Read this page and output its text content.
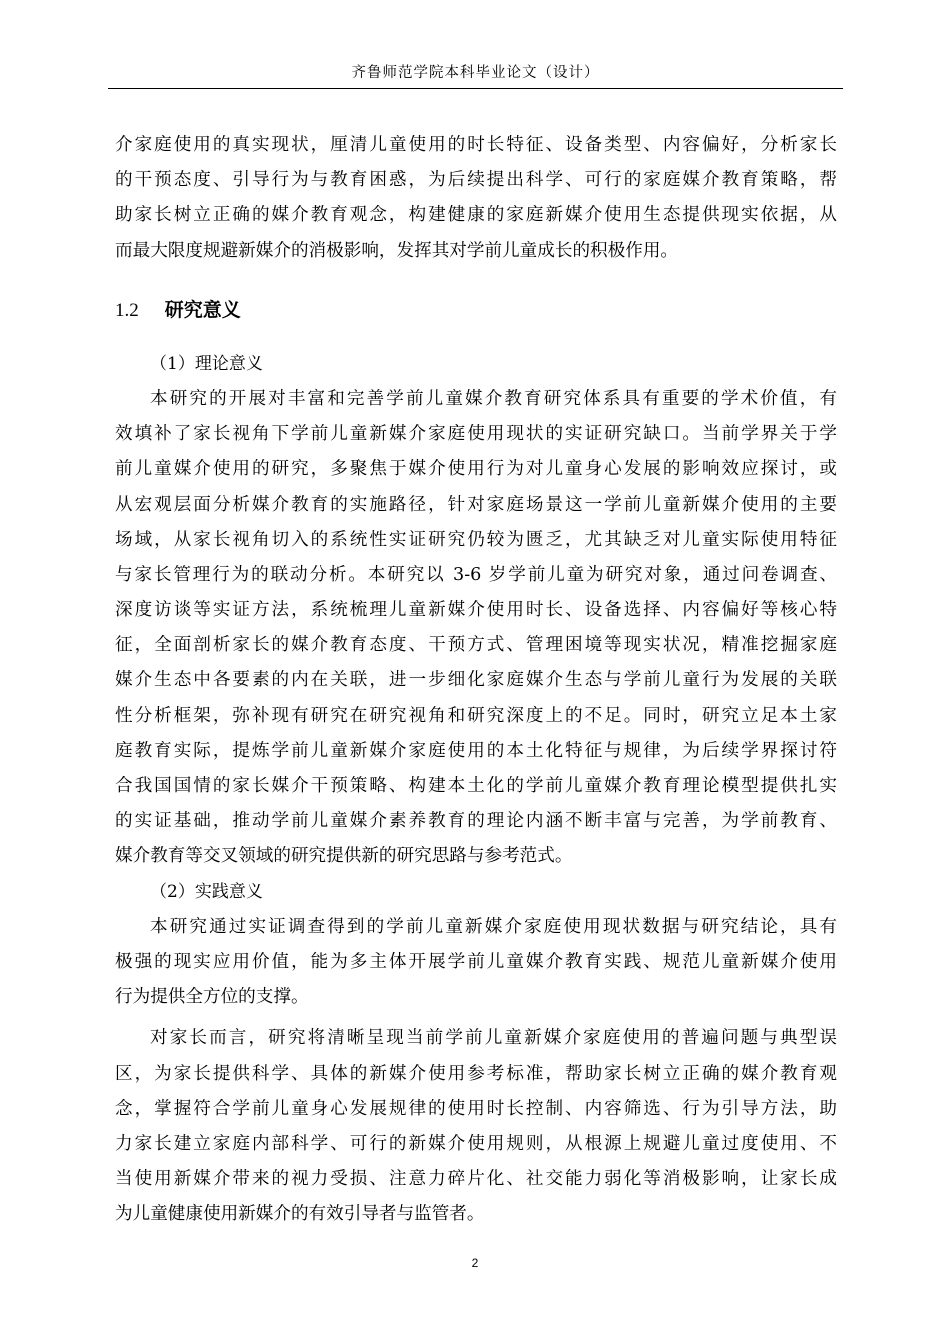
齐鲁师范学院本科毕业论文（设计）
介家庭使用的真实现状，厘清儿童使用的时长特征、设备类型、内容偏好，分析家长
的干预态度、引导行为与教育困惑，为后续提出科学、可行的家庭媒介教育策略，帮
助家长树立正确的媒介教育观念，构建健康的家庭新媒介使用生态提供现实依据，从
而最大限度规避新媒介的消极影响，发挥其对学前儿童成长的积极作用。
1.2 研究意义
（1）理论意义
本研究的开展对丰富和完善学前儿童媒介教育研究体系具有重要的学术价值，有
效填补了家长视角下学前儿童新媒介家庭使用现状的实证研究缺口。当前学界关于学
前儿童媒介使用的研究，多聚焦于媒介使用行为对儿童身心发展的影响效应探讨，或
从宏观层面分析媒介教育的实施路径，针对家庭场景这一学前儿童新媒介使用的主要
场域，从家长视角切入的系统性实证研究仍较为匮乏，尤其缺乏对儿童实际使用特征
与家长管理行为的联动分析。本研究以 3-6 岁学前儿童为研究对象，通过问卷调查、
深度访谈等实证方法，系统梳理儿童新媒介使用时长、设备选择、内容偏好等核心特
征，全面剖析家长的媒介教育态度、干预方式、管理困境等现实状况，精准挖掘家庭
媒介生态中各要素的内在关联，进一步细化家庭媒介生态与学前儿童行为发展的关联
性分析框架，弥补现有研究在研究视角和研究深度上的不足。同时，研究立足本土家
庭教育实际，提炼学前儿童新媒介家庭使用的本土化特征与规律，为后续学界探讨符
合我国国情的家长媒介干预策略、构建本土化的学前儿童媒介教育理论模型提供扎实
的实证基础，推动学前儿童媒介素养教育的理论内涵不断丰富与完善，为学前教育、
媒介教育等交叉领域的研究提供新的研究思路与参考范式。
（2）实践意义
本研究通过实证调查得到的学前儿童新媒介家庭使用现状数据与研究结论，具有
极强的现实应用价值，能为多主体开展学前儿童媒介教育实践、规范儿童新媒介使用
行为提供全方位的支撑。
对家长而言，研究将清晰呈现当前学前儿童新媒介家庭使用的普遍问题与典型误
区，为家长提供科学、具体的新媒介使用参考标准，帮助家长树立正确的媒介教育观
念，掌握符合学前儿童身心发展规律的使用时长控制、内容筛选、行为引导方法，助
力家长建立家庭内部科学、可行的新媒介使用规则，从根源上规避儿童过度使用、不
当使用新媒介带来的视力受损、注意力碎片化、社交能力弱化等消极影响，让家长成
为儿童健康使用新媒介的有效引导者与监管者。
2
